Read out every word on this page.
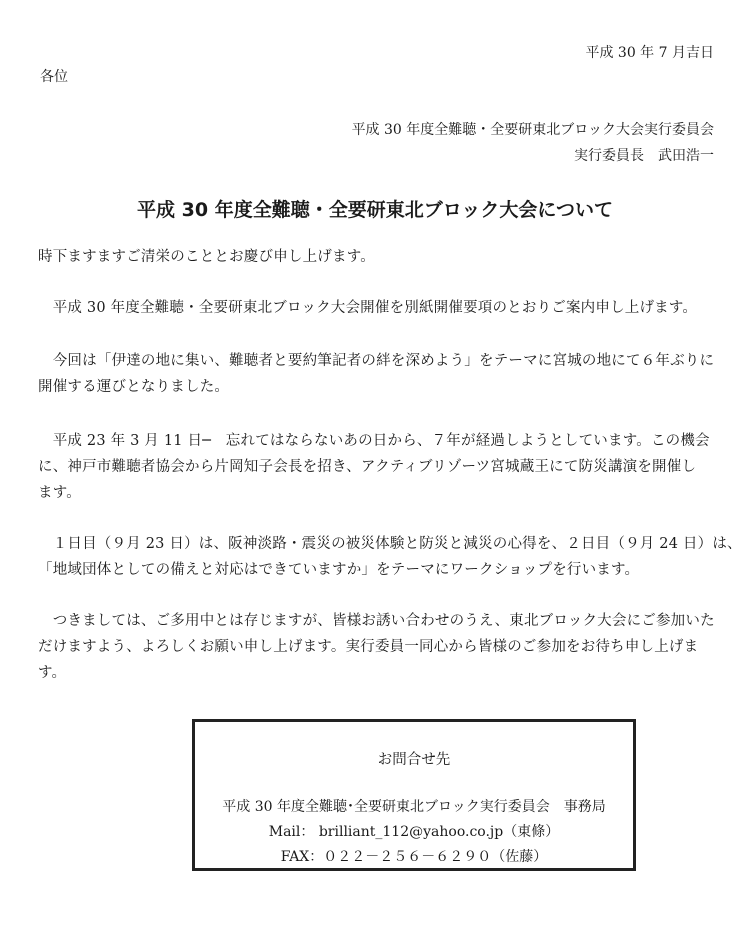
平成 30 年 7 月吉日
各位
平成 30 年度全難聴・全要研東北ブロック大会実行委員会
実行委員長　武田浩一
平成 30 年度全難聴・全要研東北ブロック大会について
時下ますますご清栄のこととお慶び申し上げます。
　平成 30 年度全難聴・全要研東北ブロック大会開催を別紙開催要項のとおりご案内申し上げます。
　今回は「伊達の地に集い、難聴者と要約筆記者の絆を深めよう」をテーマに宮城の地にて６年ぶりに
開催する運びとなりました。
　平成 23 年 3 月 11 日─　忘れてはならないあの日から、７年が経過しようとしています。この機会
に、神戸市難聴者協会から片岡知子会長を招き、アクティブリゾーツ宮城蔵王にて防災講演を開催し
ます。
　１日目（９月 23 日）は、阪神淡路・震災の被災体験と防災と減災の心得を、２日目（９月 24 日）は、
「地域団体としての備えと対応はできていますか」をテーマにワークショップを行います。
　つきましては、ご多用中とは存じますが、皆様お誘い合わせのうえ、東北ブロック大会にご参加いた
だけますよう、よろしくお願い申し上げます。実行委員一同心から皆様のご参加をお待ち申し上げま
す。
お問合せ先
平成 30 年度全難聴･全要研東北ブロック実行委員会　事務局
Mail： brilliant_112@yahoo.co.jp（東條）
FAX：０２２－２５６－６２９０（佐藤）
